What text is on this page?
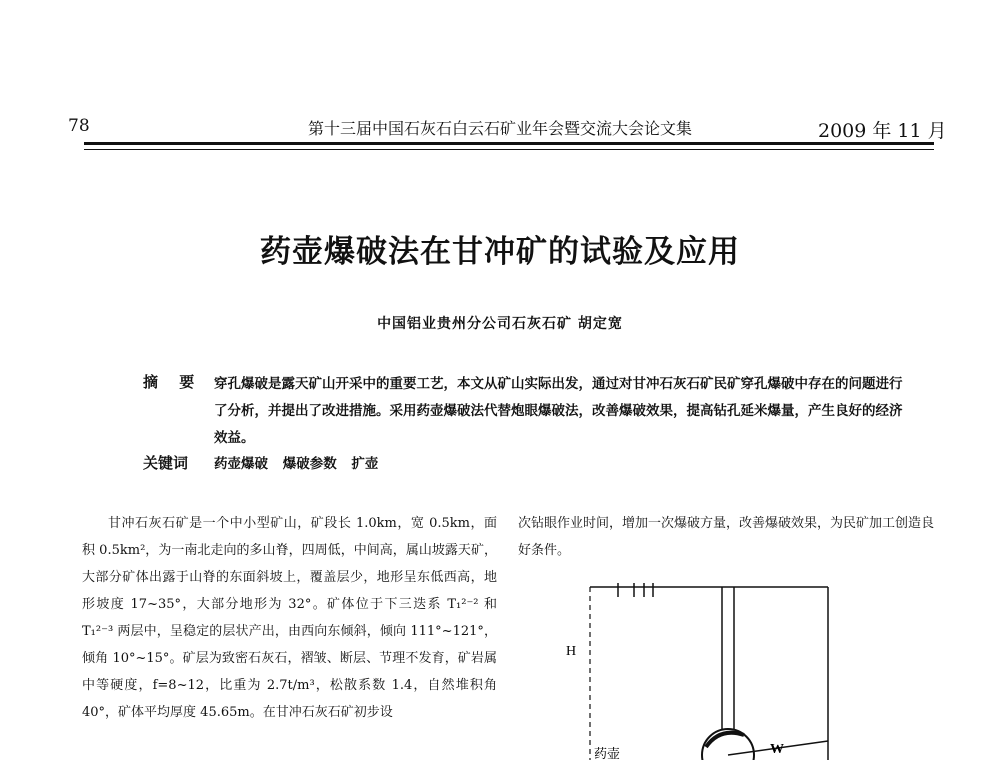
78	第十三届中国石灰石白云石矿业年会暨交流大会论文集	2009 年 11 月
药壶爆破法在甘冲矿的试验及应用
中国铝业贵州分公司石灰石矿 胡定宽
摘 要 穿孔爆破是露天矿山开采中的重要工艺，本文从矿山实际出发，通过对甘冲石灰石矿民矿穿孔爆破中存在的问题进行了分析，并提出了改进措施。采用药壶爆破法代替炮眼爆破法，改善爆破效果，提高钻孔延米爆量，产生良好的经济效益。
关键词 药壶爆破 爆破参数 扩壶

甘冲石灰石矿是一个中小型矿山，矿段长 1.0km，宽 0.5km，面积 0.5km²，为一南北走向的多山脊，四周低，中间高，属山坡露天矿，大部分矿体出露于山脊的东面斜坡上，覆盖层少，地形呈东低西高，地形坡度 17~35°，大部分地形为 32°。矿体位于下三迭系 T₁²⁻² 和 T₁²⁻³ 两层中，呈稳定的层状产出，由西向东倾斜，倾向 111°~121°，倾角 10°~15°。矿层为致密石灰石，褶皱、断层、节理不发育，矿岩属中等硬度，f=8~12，比重为 2.7t/m³，松散系数 1.4，自然堆积角 40°，矿体平均厚度 45.65m。在甘冲石灰石矿初步设

次钻眼作业时间，增加一次爆破方量，改善爆破效果，为民矿加工创造良好条件。

H
W
药壶
